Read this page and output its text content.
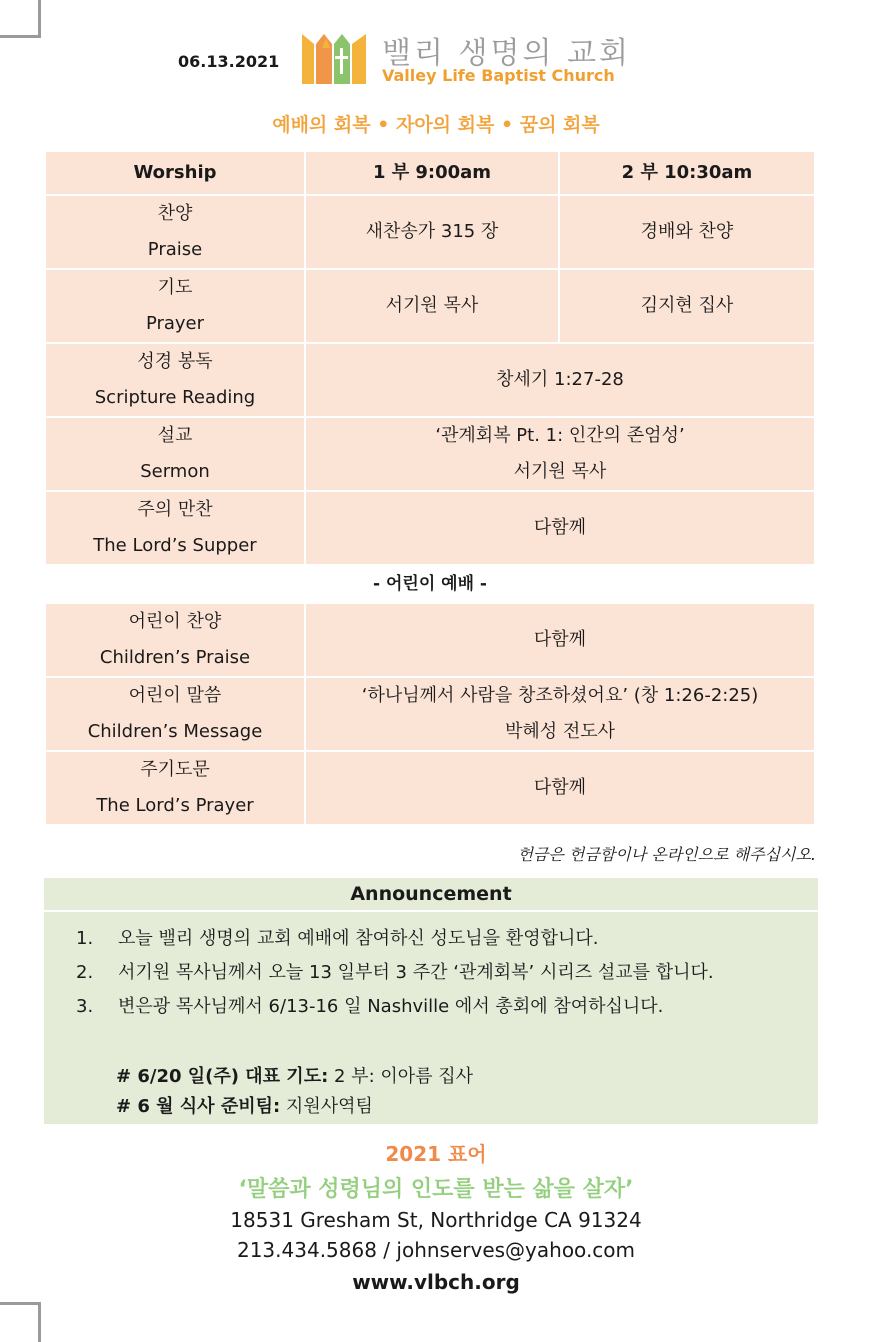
06.13.2021	밸리 생명의 교회
Valley Life Baptist Church
예배의 회복 • 자아의 회복 • 꿈의 회복
Worship	1 부 9:00am	2 부 10:30am

찬양
Praise	새찬송가 315 장	경배와 찬양

기도
Prayer	서기원 목사	김지현 집사

성경 봉독
Scripture Reading	창세기 1:27-28	

설교
Sermon	‘관계회복 Pt. 1: 인간의 존엄성’
서기원 목사	

주의 만찬
The Lord’s Supper	다함께	
- 어린이 예배 -		

어린이 찬양
Children’s Praise	다함께	

어린이 말씀
Children’s Message	‘하나님께서 사람을 창조하셨어요’ (창 1:26-2:25)
박혜성 전도사	

주기도문
The Lord’s Prayer	다함께	
헌금은 헌금함이나 온라인으로 해주십시오.
Announcement
1. 오늘 밸리 생명의 교회 예배에 참여하신 성도님을 환영합니다.
2. 서기원 목사님께서 오늘 13 일부터 3 주간 ‘관계회복’ 시리즈 설교를 합니다.
3. 변은광 목사님께서 6/13-16 일 Nashville 에서 총회에 참여하십니다.
# 6/20 일(주) 대표 기도: 2 부: 이아름 집사
# 6 월 식사 준비팀: 지원사역팀
2021 표어
‘말씀과 성령님의 인도를 받는 삶을 살자’
18531 Gresham St, Northridge CA 91324
213.434.5868 / johnserves@yahoo.com
www.vlbch.org
